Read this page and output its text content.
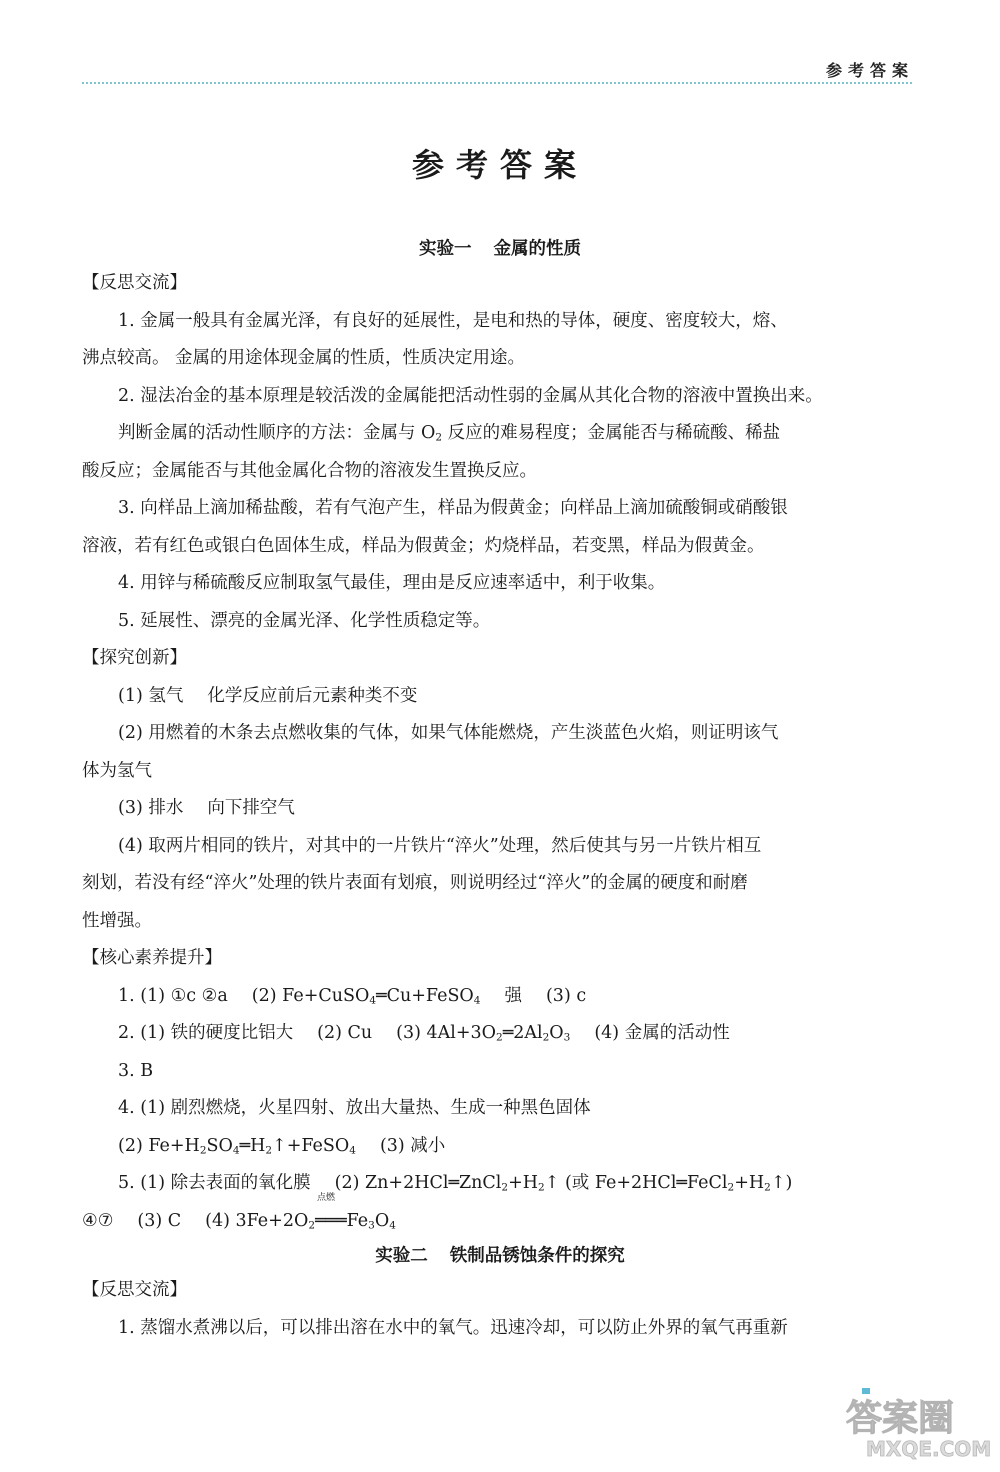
参考答案
参考答案
实验一 金属的性质
【反思交流】
1. 金属一般具有金属光泽，有良好的延展性，是电和热的导体，硬度、密度较大，熔、
沸点较高。 金属的用途体现金属的性质，性质决定用途。
2. 湿法冶金的基本原理是较活泼的金属能把活动性弱的金属从其化合物的溶液中置换出来。
判断金属的活动性顺序的方法：金属与 $O_2$ 反应的难易程度；金属能否与稀硫酸、稀盐
酸反应；金属能否与其他金属化合物的溶液发生置换反应。
3. 向样品上滴加稀盐酸，若有气泡产生，样品为假黄金；向样品上滴加硫酸铜或硝酸银
溶液，若有红色或银白色固体生成，样品为假黄金；灼烧样品，若变黑，样品为假黄金。
4. 用锌与稀硫酸反应制取氢气最佳，理由是反应速率适中，利于收集。
5. 延展性、漂亮的金属光泽、化学性质稳定等。
【探究创新】
(1) 氢气 化学反应前后元素种类不变
(2) 用燃着的木条去点燃收集的气体，如果气体能燃烧，产生淡蓝色火焰，则证明该气
体为氢气
(3) 排水 向下排空气
(4) 取两片相同的铁片，对其中的一片铁片“淬火”处理，然后使其与另一片铁片相互
刻划，若没有经“淬火”处理的铁片表面有划痕，则说明经过“淬火”的金属的硬度和耐磨
性增强。
【核心素养提升】
1. (1) ①c ②a (2) Fe+CuSO$_4$═Cu+FeSO$_4$ 强 (3) c
2. (1) 铁的硬度比铝大 (2) Cu (3) $4Al+3O_2═2Al_2O_3$ (4) 金属的活动性
3. B
4. (1) 剧烈燃烧，火星四射、放出大量热、生成一种黑色固体
(2) $Fe+H_2SO_4═H_2↑+FeSO_4$ (3) 减小
5. (1) 除去表面的氧化膜 (2) $Zn+2HCl═ZnCl_2+H_2↑$ (或 $Fe+2HCl═FeCl_2+H_2↑$)
④⑦ (3) C (4) $3Fe+2O_2$
点燃
$═══Fe_3O_4$
实验二 铁制品锈蚀条件的探究
【反思交流】
1. 蒸馏水煮沸以后，可以排出溶在水中的氧气。迅速冷却，可以防止外界的氧气再重新
答案圈
MXQE.COM
